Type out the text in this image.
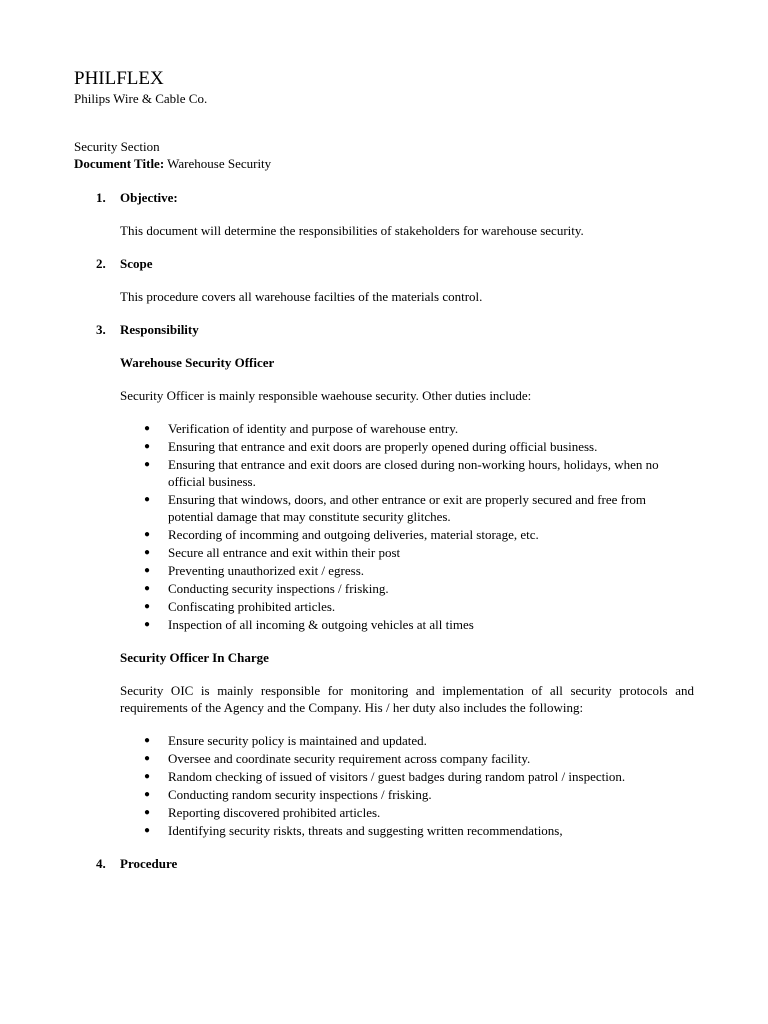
PHILFLEX

Philips Wire & Cable Co.

Security Section

Document Title: Warehouse Security

1. Objective:

This document will determine the responsibilities of stakeholders for warehouse security.

2. Scope

This procedure covers all warehouse facilties of the materials control.

3. Responsibility

Warehouse Security Officer

Security Officer is mainly responsible waehouse security. Other duties include:

● Verification of identity and purpose of warehouse entry.
● Ensuring that entrance and exit doors are properly opened during official business.
● Ensuring that entrance and exit doors are closed during non-working hours, holidays, when no official business.
● Ensuring that windows, doors, and other entrance or exit are properly secured and free from potential damage that may constitute security glitches.
● Recording of incomming and outgoing deliveries, material storage, etc.
● Secure all entrance and exit within their post
● Preventing unauthorized exit / egress.
● Conducting security inspections / frisking.
● Confiscating prohibited articles.
● Inspection of all incoming & outgoing vehicles at all times

Security Officer In Charge

Security OIC is mainly responsible for monitoring and implementation of all security protocols and requirements of the Agency and the Company. His / her duty also includes the following:

● Ensure security policy is maintained and updated.
● Oversee and coordinate security requirement across company facility.
● Random checking of issued of visitors / guest badges during random patrol / inspection.
● Conducting random security inspections / frisking.
● Reporting discovered prohibited articles.
● Identifying security riskts, threats and suggesting written recommendations,

4. Procedure
